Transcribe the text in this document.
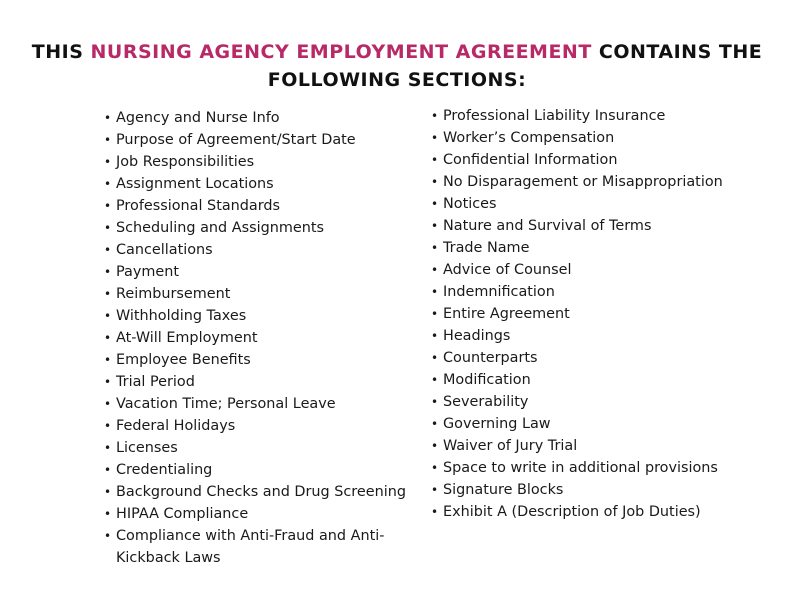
THIS NURSING AGENCY EMPLOYMENT AGREEMENT CONTAINS THE
FOLLOWING SECTIONS:
• Agency and Nurse Info
• Purpose of Agreement/Start Date
• Job Responsibilities
• Assignment Locations
• Professional Standards
• Scheduling and Assignments
• Cancellations
• Payment
• Reimbursement
• Withholding Taxes
• At-Will Employment
• Employee Benefits
• Trial Period
• Vacation Time; Personal Leave
• Federal Holidays
• Licenses
• Credentialing
• Background Checks and Drug Screening
• HIPAA Compliance
• Compliance with Anti-Fraud and Anti-Kickback Laws
• Professional Liability Insurance
• Worker’s Compensation
• Confidential Information
• No Disparagement or Misappropriation
• Notices
• Nature and Survival of Terms
• Trade Name
• Advice of Counsel
• Indemnification
• Entire Agreement
• Headings
• Counterparts
• Modification
• Severability
• Governing Law
• Waiver of Jury Trial
• Space to write in additional provisions
• Signature Blocks
• Exhibit A (Description of Job Duties)
